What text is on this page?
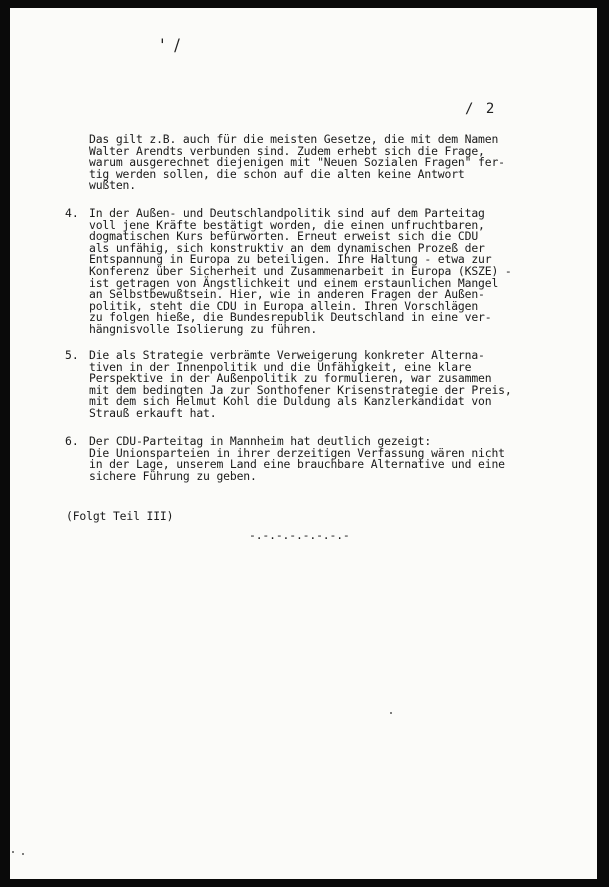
' /
/ 2
Das gilt z.B. auch für die meisten Gesetze, die mit dem Namen
Walter Arendts verbunden sind. Zudem erhebt sich die Frage,
warum ausgerechnet diejenigen mit "Neuen Sozialen Fragen" fer-
tig werden sollen, die schon auf die alten keine Antwort
wußten.
4. In der Außen- und Deutschlandpolitik sind auf dem Parteitag
voll jene Kräfte bestätigt worden, die einen unfruchtbaren,
dogmatischen Kurs befürworten. Erneut erweist sich die CDU
als unfähig, sich konstruktiv an dem dynamischen Prozeß der
Entspannung in Europa zu beteiligen. Ihre Haltung - etwa zur
Konferenz über Sicherheit und Zusammenarbeit in Europa (KSZE) -
ist getragen von Ängstlichkeit und einem erstaunlichen Mangel
an Selbstbewußtsein. Hier, wie in anderen Fragen der Außen-
politik, steht die CDU in Europa allein. Ihren Vorschlägen
zu folgen hieße, die Bundesrepublik Deutschland in eine ver-
hängnisvolle Isolierung zu führen.
5. Die als Strategie verbrämte Verweigerung konkreter Alterna-
tiven in der Innenpolitik und die Unfähigkeit, eine klare
Perspektive in der Außenpolitik zu formulieren, war zusammen
mit dem bedingten Ja zur Sonthofener Krisenstrategie der Preis,
mit dem sich Helmut Kohl die Duldung als Kanzlerkandidat von
Strauß erkauft hat.
6. Der CDU-Parteitag in Mannheim hat deutlich gezeigt:
Die Unionsparteien in ihrer derzeitigen Verfassung wären nicht
in der Lage, unserem Land eine brauchbare Alternative und eine
sichere Führung zu geben.
(Folgt Teil III)
-.-.-.-.-.-.-.-
